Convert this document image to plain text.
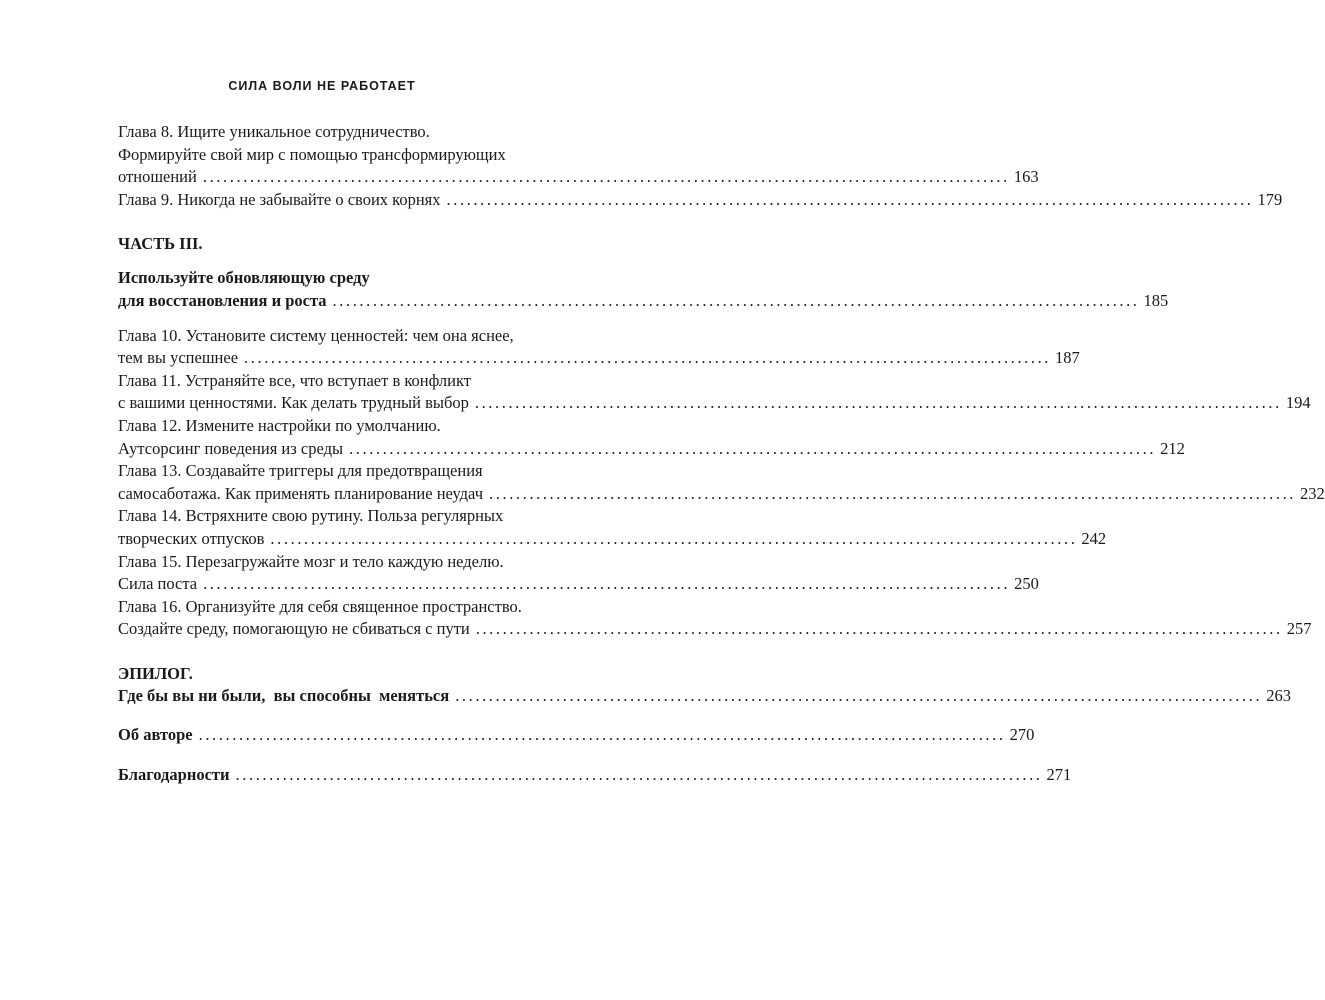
СИЛА ВОЛИ НЕ РАБОТАЕТ
Глава 8. Ищите уникальное сотрудничество.
Формируйте свой мир с помощью трансформирующих
отношений ........................................................................................................................ 163
Глава 9. Никогда не забывайте о своих корнях ........................................................................................................................ 179
ЧАСТЬ III.
Используйте обновляющую среду
для восстановления и роста ........................................................................................................................ 185
Глава 10. Установите систему ценностей: чем она яснее,
тем вы успешнее ........................................................................................................................ 187
Глава 11. Устраняйте все, что вступает в конфликт
с вашими ценностями. Как делать трудный выбор ........................................................................................................................ 194
Глава 12. Измените настройки по умолчанию.
Аутсорсинг поведения из среды ........................................................................................................................ 212
Глава 13. Создавайте триггеры для предотвращения
самосаботажа. Как применять планирование неудач ........................................................................................................................ 232
Глава 14. Встряхните свою рутину. Польза регулярных
творческих отпусков ........................................................................................................................ 242
Глава 15. Перезагружайте мозг и тело каждую неделю.
Сила поста ........................................................................................................................ 250
Глава 16. Организуйте для себя священное пространство.
Создайте среду, помогающую не сбиваться с пути ........................................................................................................................ 257
ЭПИЛОГ.
Где бы вы ни были,  вы способны  меняться ........................................................................................................................ 263
Об авторе ........................................................................................................................ 270
Благодарности ........................................................................................................................ 271
